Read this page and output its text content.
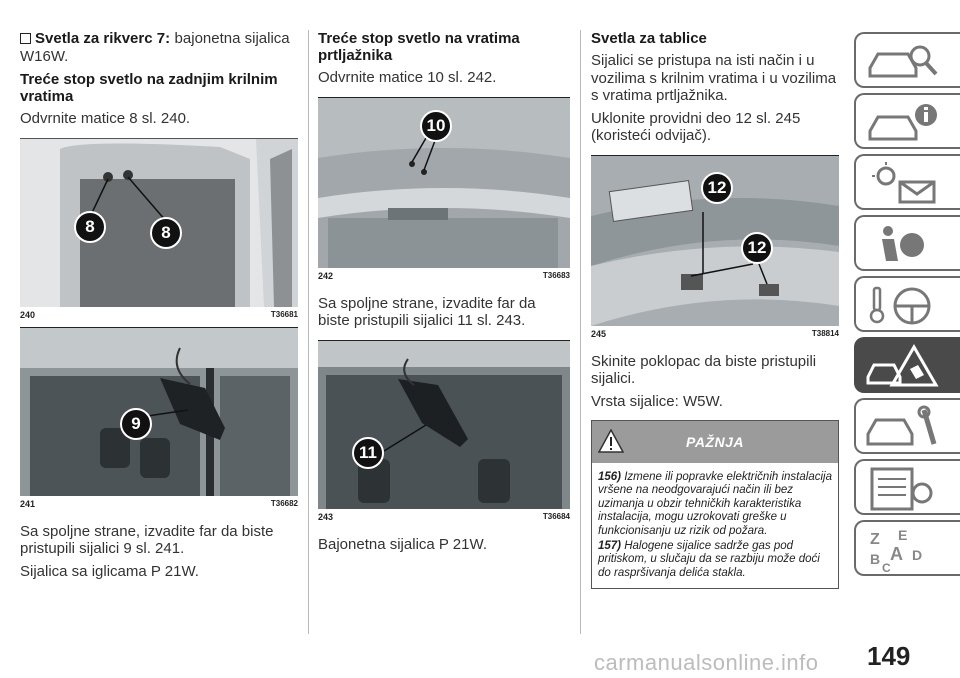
Svetla za rikverc 7: bajonetna sijalica W16W.
Treće stop svetlo na zadnjim krilnim vratima
Odvrnite matice 8 sl. 240.
8	8
240	T36681
9
241	T36682
Sa spoljne strane, izvadite far da biste pristupili sijalici 9 sl. 241.
Sijalica sa iglicama P 21W.
Treće stop svetlo na vratima prtljažnika
Odvrnite matice 10 sl. 242.
10
242	T36683
Sa spoljne strane, izvadite far da biste pristupili sijalici 11 sl. 243.
11
243	T36684
Bajonetna sijalica P 21W.
Svetla za tablice
Sijalici se pristupa na isti način i u vozilima s krilnim vratima i u vozilima s vratima prtljažnika.
Uklonite providni deo 12 sl. 245 (koristeći odvijač).
12
12
245	T38814
Skinite poklopac da biste pristupili sijalici.
Vrsta sijalice: W5W.
PAŽNJA

156) Izmene ili popravke električnih instalacija vršene na neodgovarajući način ili bez uzimanja u obzir tehničkih karakteristika instalacija, mogu uzrokovati greške u funkcionisanju uz rizik od požara.

157) Halogene sijalice sadrže gas pod pritiskom, u slučaju da se razbiju može doći do raspršivanja delića stakla.

Z E
B A D
C
carmanualsonline.info 149
